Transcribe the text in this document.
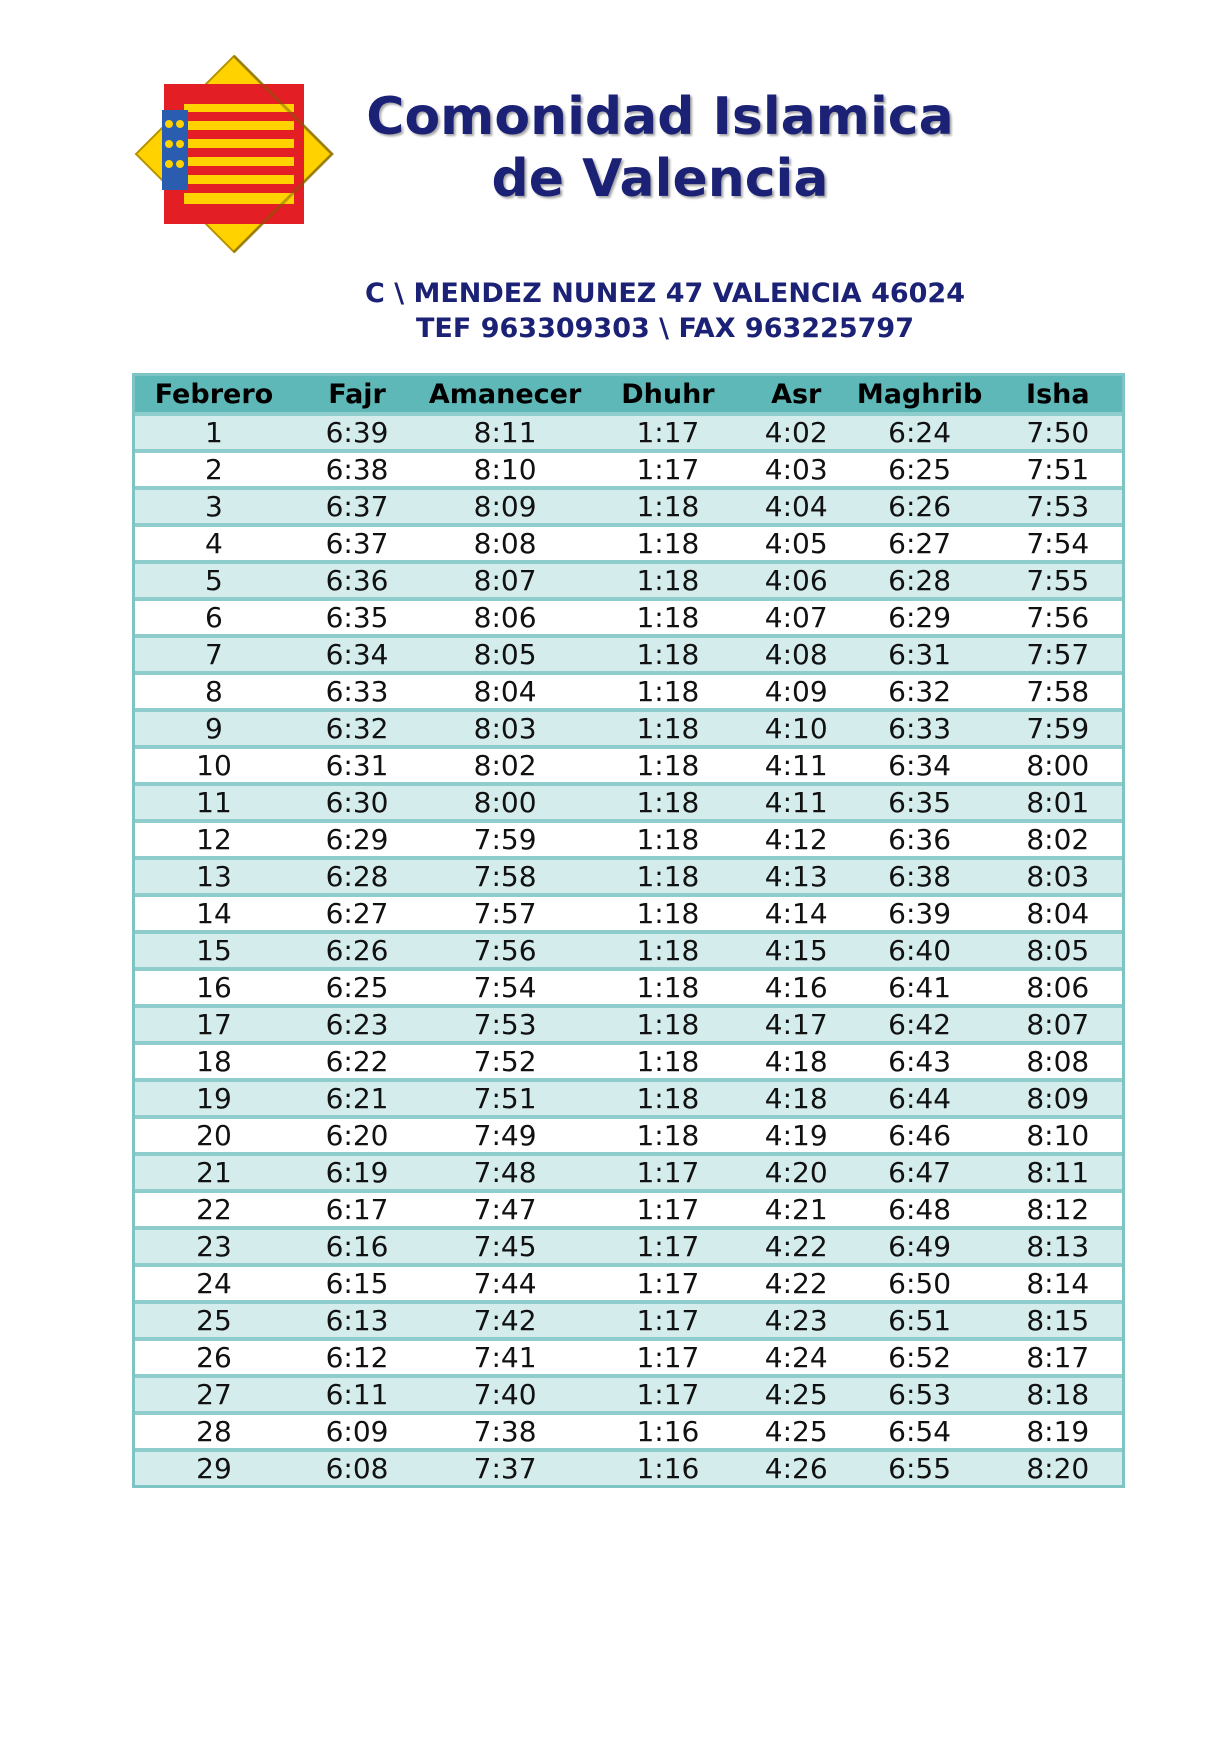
Comonidad Islamica
de Valencia
C \ MENDEZ NUNEZ 47 VALENCIA 46024
TEF 963309303 \ FAX 963225797
Febrero	Fajr	Amanecer	Dhuhr	Asr	Maghrib	Isha
1	6:39	8:11	1:17	4:02	6:24	7:50
2	6:38	8:10	1:17	4:03	6:25	7:51
3	6:37	8:09	1:18	4:04	6:26	7:53
4	6:37	8:08	1:18	4:05	6:27	7:54
5	6:36	8:07	1:18	4:06	6:28	7:55
6	6:35	8:06	1:18	4:07	6:29	7:56
7	6:34	8:05	1:18	4:08	6:31	7:57
8	6:33	8:04	1:18	4:09	6:32	7:58
9	6:32	8:03	1:18	4:10	6:33	7:59
10	6:31	8:02	1:18	4:11	6:34	8:00
11	6:30	8:00	1:18	4:11	6:35	8:01
12	6:29	7:59	1:18	4:12	6:36	8:02
13	6:28	7:58	1:18	4:13	6:38	8:03
14	6:27	7:57	1:18	4:14	6:39	8:04
15	6:26	7:56	1:18	4:15	6:40	8:05
16	6:25	7:54	1:18	4:16	6:41	8:06
17	6:23	7:53	1:18	4:17	6:42	8:07
18	6:22	7:52	1:18	4:18	6:43	8:08
19	6:21	7:51	1:18	4:18	6:44	8:09
20	6:20	7:49	1:18	4:19	6:46	8:10
21	6:19	7:48	1:17	4:20	6:47	8:11
22	6:17	7:47	1:17	4:21	6:48	8:12
23	6:16	7:45	1:17	4:22	6:49	8:13
24	6:15	7:44	1:17	4:22	6:50	8:14
25	6:13	7:42	1:17	4:23	6:51	8:15
26	6:12	7:41	1:17	4:24	6:52	8:17
27	6:11	7:40	1:17	4:25	6:53	8:18
28	6:09	7:38	1:16	4:25	6:54	8:19
29	6:08	7:37	1:16	4:26	6:55	8:20
